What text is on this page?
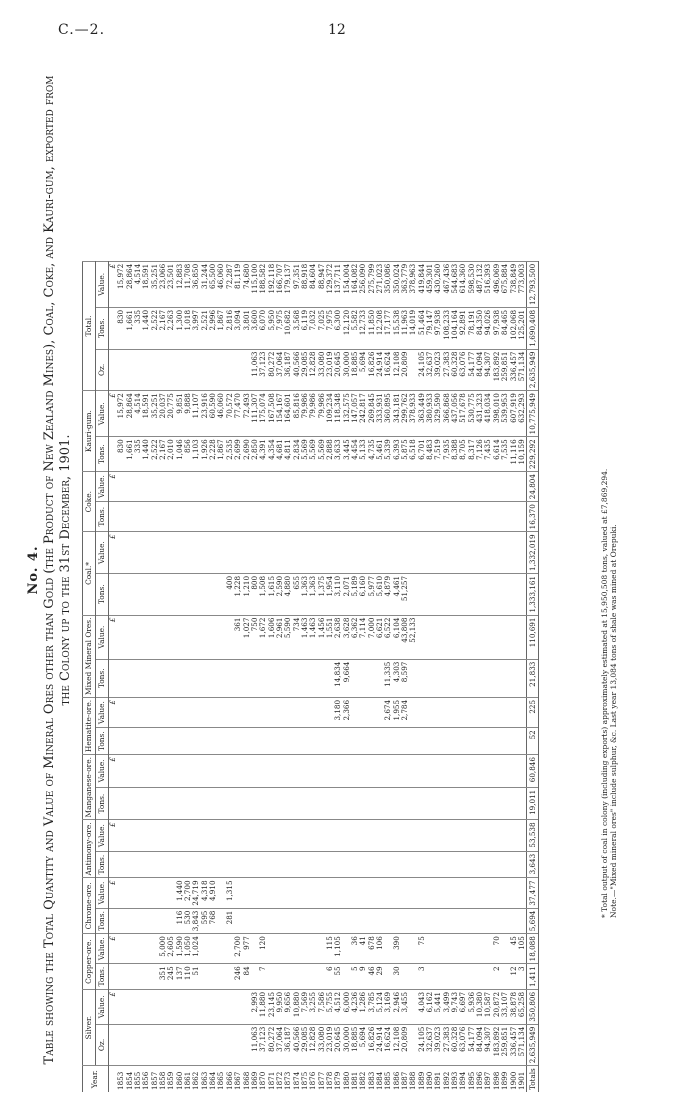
C.—2.	12
No. 4. Table showing the Total Quantity and Value of Mineral Ores other than Gold (the Product of New Zealand Mines), Coal, Coke, and Kauri-gum, exported from the Colony up to the 31st December, 1901.
Year.	Silver.		Copper-ore.		Chrome-ore.		Antimony-ore.		Manganese-ore.		Hematite-ore.		Mixed Mineral Ores.		Coal.*		Coke.		Kauri-gum.		Total.		
	Oz.	Value.	Tons.	Value.	Tons.	Value.	Tons.	Value.	Tons.	Value.	Tons.	Value.	Tons.	Value.	Tons.	Value.	Tons.	Value.	Tons.	Value.	Oz.	Tons.	Value.
		£		£		£		£		£		£		£		£		£		£			£
1853																			830	15,972		830	15,972
1854																			1,661	28,864		1,661	28,864
1855																			335	4,514		335	4,514
1856																			1,440	18,591		1,440	18,591
1857																			2,522	35,251		2,522	35,251
1858			351	5,000															2,167	20,037		2,167	23,066
1859			245	2,605															2,010	20,775		2,263	23,501
1860			137	1,590	116	1,440													1,046	9,851		1,300	12,883
1861			110	1,050	530	2,700													856	9,888		1,018	11,708
1862			51	1,024	3,843	24,719													1,103	11,107		3,997	36,850
1863					595	4,318													1,926	23,916		2,521	31,244
1864					768	4,910													2,228	60,590		2,996	65,500
1865																			1,867	46,060		1,867	46,060
1866					281	1,315									400				2,535	70,572		2,816	72,287
1867			246	2,700										361	1,228				2,699	77,470		3,094	81,119
1868			84	977										1,027	1,210				2,690	72,493		3,801	74,680
1869	11,063	2,993												750	800				2,850	111,307	11,063	3,600	115,100
1870	37,123	11,880	7	120										1,672	1,508				4,391	175,074	37,123	6,070	188,582
1871	80,272	23,145												1,606	1,615				4,354	167,508	80,272	5,950	192,118
1872	37,064	9,950												2,961	2,590				4,681	154,167	37,064	7,975	166,707
1873	36,187	9,656												5,590	4,880				4,811	164,601	36,187	10,682	179,137
1874	40,566	10,880												734	655				2,834	85,816	40,566	3,568	97,351
1875	29,085	7,569												1,463	1,363				5,569	79,986	29,085	6,119	88,918
1876	12,828	3,255												1,463	1,363				5,569	79,986	12,828	7,032	84,604
1877	33,080	7,586												1,456	1,375				5,569	79,986	33,080	7,025	88,947
1878	23,019	5,755	6	115										1,551	1,954				2,888	109,234	23,019	7,975	129,372
1879	20,645	4,512	55	1,105								3,180	14,834	2,638	3,110				3,633	118,348	20,645	6,300	137,711
1880	30,000	6,000										2,366	9,664	3,628	2,071				3,445	132,575	30,000	12,120	154,004
1881	18,885	4,236	5	36										6,362	5,189				4,454	147,057	18,885	5,582	164,082
1882	5,694	1,286	9	41										7,114	6,160				5,133	242,817	5,694	12,733	256,090
1883	16,826	3,785	46	678										7,000	5,977				4,735	269,845	16,826	11,850	275,799
1884	24,914	5,124	29	106										6,621	5,610				5,461	333,931	24,914	12,208	271,023
1885	16,624	3,169										2,674	11,335	6,522	4,879				5,339	360,895	16,624	17,177	350,086
1886	12,108	2,946	30	390								1,955	4,303	6,104	4,461				6,393	343,181	12,108	15,538	350,024
1887	20,809	3,455										2,784	8,597	43,808	51,257				5,875	299,762	20,809	11,963	363,779
1888														52,133					6,518	378,933		14,019	378,963
1889	24,105	4,043	3	75															6,701	363,449	24,105	51,464	419,844
1890	32,637	6,162																	8,483	380,933	32,637	79,147	459,301
1891	39,023	5,441																	7,519	329,590	39,023	97,938	430,260
1892	27,383	3,499																	7,935	366,868	27,383	108,233	467,436
1893	60,328	9,743																	8,388	437,056	60,328	104,164	544,683
1894	63,076	6,697																	8,705	517,678	63,076	92,891	614,360
1895	54,177	5,936																	8,317	530,775	54,177	78,191	598,530
1896	84,094	10,380																	7,126	431,323	84,094	84,350	487,132
1897	94,307	10,587																	7,435	418,034	94,307	94,026	516,393
1898	183,892	20,872	2	70															6,614	398,010	183,892	97,938	496,069
1899	259,851	33,107																	7,535	539,953	259,851	84,465	675,884
1900	336,457	38,878	12	45															11,116	607,919	336,457	102,068	738,849
1901	571,134	65,258	3	105															10,159	632,293	571,134	125,201	773,003
Totals	2,635,949	350,806	1,411	18,088	5,694	37,477	3,643	53,538	19,011	60,846	52	225	21,833	110,691	1,333,161	1,332,019	16,370	24,804	229,292	10,775,949	2,635,949	1,690,408	12,793,500
* Total output of coal in colony (including exports) approximately estimated at 15,950,508 tons, valued at £7,869,294. Note.—"Mixed mineral ores" include sulphur, &c. Last year 13,084 tons of shale was mined at Orepuki.
